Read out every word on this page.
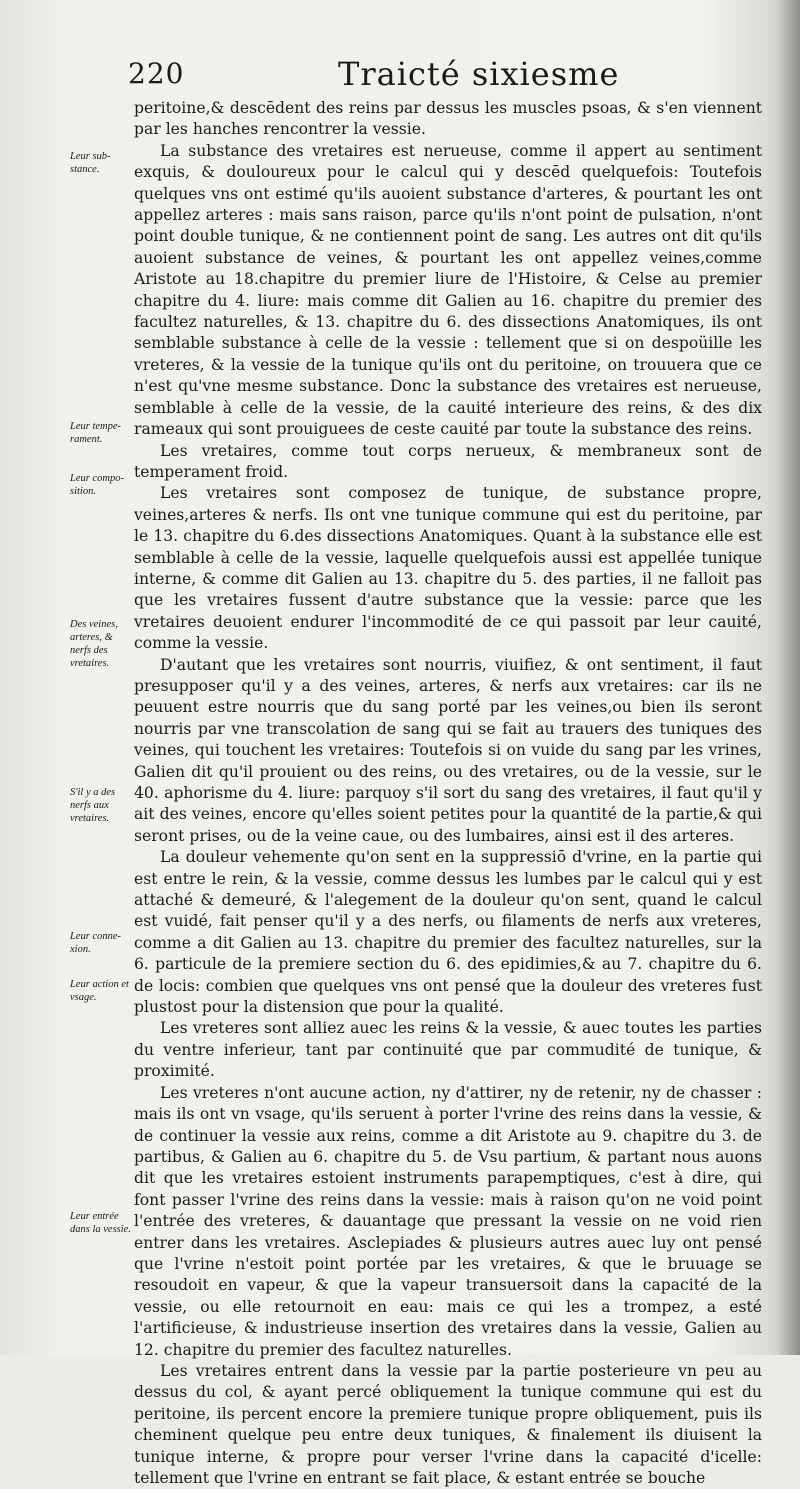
220	Traicté sixiesme
Leur sub-stance.
Leur tempe-rament.
Leur compo-sition.
Des veines, arteres, & nerfs des vretaires.
S'il y a des nerfs aux vretaires.
Leur conne-xion.
Leur action et vsage.
Leur entrée dans la vessie.

peritoine,& descēdent des reins par dessus les muscles psoas, & s'en viennent par les hanches rencontrer la vessie.

La substance des vretaires est nerueuse, comme il appert au sentiment exquis, & douloureux pour le calcul qui y descēd quelquefois: Toutefois quelques vns ont estimé qu'ils auoient substance d'arteres, & pourtant les ont appellez arteres : mais sans raison, parce qu'ils n'ont point de pulsation, n'ont point double tunique, & ne contiennent point de sang. Les autres ont dit qu'ils auoient substance de veines, & pourtant les ont appellez veines,comme Aristote au 18.chapitre du premier liure de l'Histoire, & Celse au premier chapitre du 4. liure: mais comme dit Galien au 16. chapitre du premier des facultez naturelles, & 13. chapitre du 6. des dissections Anatomiques, ils ont semblable substance à celle de la vessie : tellement que si on despoüille les vreteres, & la vessie de la tunique qu'ils ont du peritoine, on trouuera que ce n'est qu'vne mesme substance. Donc la substance des vretaires est nerueuse, semblable à celle de la vessie, de la cauité interieure des reins, & des dix rameaux qui sont prouiguees de ceste cauité par toute la substance des reins.

Les vretaires, comme tout corps nerueux, & membraneux sont de temperament froid.

Les vretaires sont composez de tunique, de substance propre, veines,arteres & nerfs. Ils ont vne tunique commune qui est du peritoine, par le 13. chapitre du 6.des dissections Anatomiques. Quant à la substance elle est semblable à celle de la vessie, laquelle quelquefois aussi est appellée tunique interne, & comme dit Galien au 13. chapitre du 5. des parties, il ne falloit pas que les vretaires fussent d'autre substance que la vessie: parce que les vretaires deuoient endurer l'incommodité de ce qui passoit par leur cauité, comme la vessie.

D'autant que les vretaires sont nourris, viuifiez, & ont sentiment, il faut presupposer qu'il y a des veines, arteres, & nerfs aux vretaires: car ils ne peuuent estre nourris que du sang porté par les veines,ou bien ils seront nourris par vne transcolation de sang qui se fait au trauers des tuniques des veines, qui touchent les vretaires: Toutefois si on vuide du sang par les vrines, Galien dit qu'il prouient ou des reins, ou des vretaires, ou de la vessie, sur le 40. aphorisme du 4. liure: parquoy s'il sort du sang des vretaires, il faut qu'il y ait des veines, encore qu'elles soient petites pour la quantité de la partie,& qui seront prises, ou de la veine caue, ou des lumbaires, ainsi est il des arteres.

La douleur vehemente qu'on sent en la suppressiō d'vrine, en la partie qui est entre le rein, & la vessie, comme dessus les lumbes par le calcul qui y est attaché & demeuré, & l'alegement de la douleur qu'on sent, quand le calcul est vuidé, fait penser qu'il y a des nerfs, ou filaments de nerfs aux vreteres, comme a dit Galien au 13. chapitre du premier des facultez naturelles, sur la 6. particule de la premiere section du 6. des epidimies,& au 7. chapitre du 6. de locis: combien que quelques vns ont pensé que la douleur des vreteres fust plustost pour la distension que pour la qualité.

Les vreteres sont alliez auec les reins & la vessie, & auec toutes les parties du ventre inferieur, tant par continuité que par commudité de tunique, & proximité.

Les vreteres n'ont aucune action, ny d'attirer, ny de retenir, ny de chasser : mais ils ont vn vsage, qu'ils seruent à porter l'vrine des reins dans la vessie, & de continuer la vessie aux reins, comme a dit Aristote au 9. chapitre du 3. de partibus, & Galien au 6. chapitre du 5. de Vsu partium, & partant nous auons dit que les vretaires estoient instruments parapemptiques, c'est à dire, qui font passer l'vrine des reins dans la vessie: mais à raison qu'on ne void point l'entrée des vreteres, & dauantage que pressant la vessie on ne void rien entrer dans les vretaires. Asclepiades & plusieurs autres auec luy ont pensé que l'vrine n'estoit point portée par les vretaires, & que le bruuage se resoudoit en vapeur, & que la vapeur transuersoit dans la capacité de la vessie, ou elle retournoit en eau: mais ce qui les a trompez, a esté l'artificieuse, & industrieuse insertion des vretaires dans la vessie, Galien au 12. chapitre du premier des facultez naturelles.

Les vretaires entrent dans la vessie par la partie posterieure vn peu au dessus du col, & ayant percé obliquement la tunique commune qui est du peritoine, ils percent encore la premiere tunique propre obliquement, puis ils cheminent quelque peu entre deux tuniques, & finalement ils diuisent la tunique interne, & propre pour verser l'vrine dans la capacité d'icelle: tellement que l'vrine en entrant se fait place, & estant entrée se bouche
